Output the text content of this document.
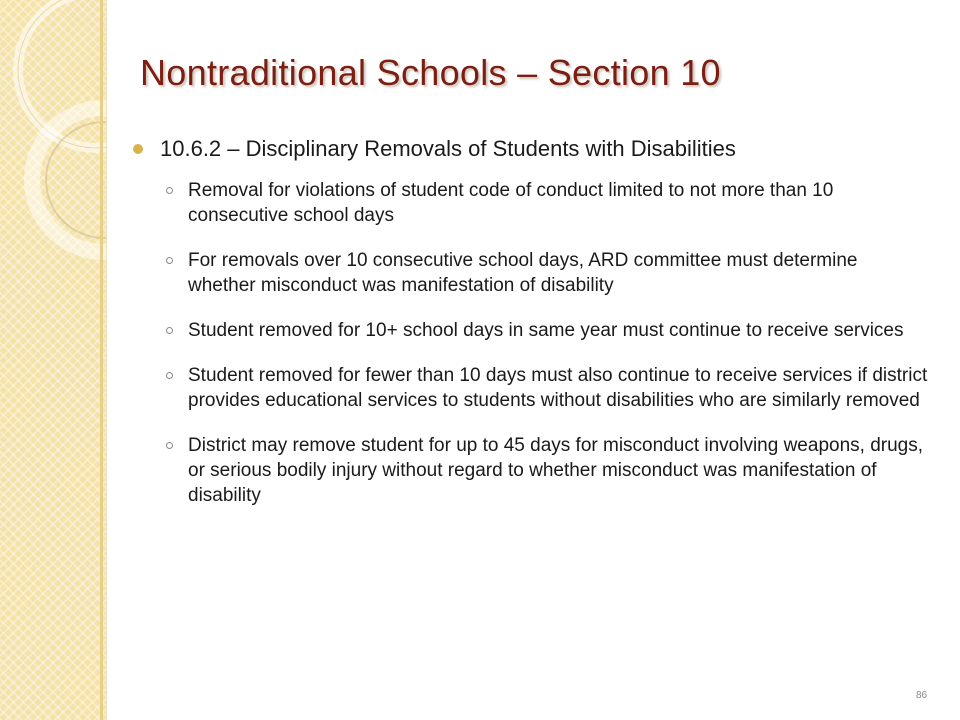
Nontraditional Schools – Section 10
10.6.2 – Disciplinary Removals of Students with Disabilities
Removal for violations of student code of conduct limited to not more than 10 consecutive school days
For removals over 10 consecutive school days, ARD committee must determine whether misconduct was manifestation of disability
Student removed for 10+ school days in same year must continue to receive services
Student removed for fewer than 10 days must also continue to receive services if district provides educational services to students without disabilities who are similarly removed
District may remove student for up to 45 days for misconduct involving weapons, drugs, or serious bodily injury without regard to whether misconduct was manifestation of disability
86
